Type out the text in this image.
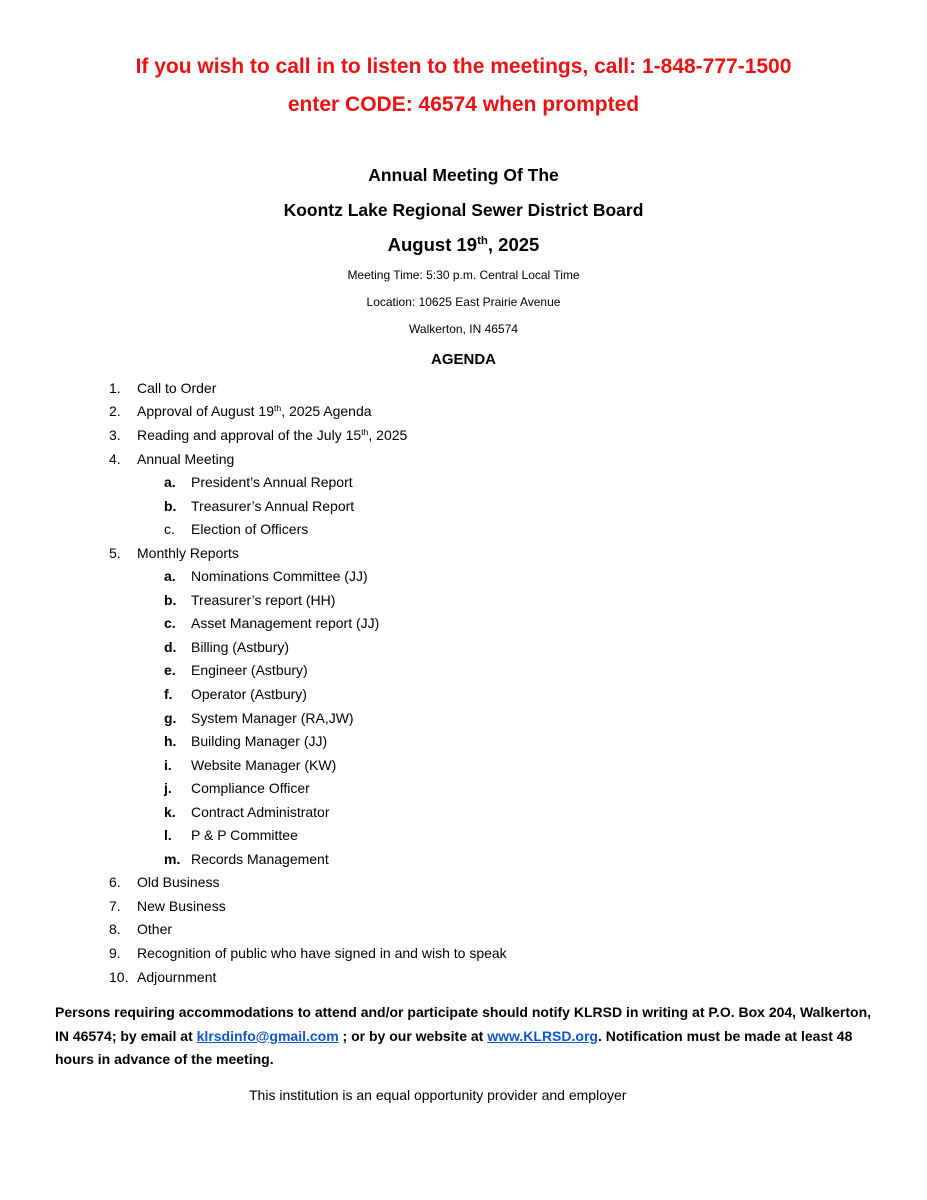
If you wish to call in to listen to the meetings, call: 1-848-777-1500
enter CODE: 46574 when prompted
Annual Meeting Of The
Koontz Lake Regional Sewer District Board
August 19th, 2025
Meeting Time: 5:30 p.m. Central Local Time
Location: 10625 East Prairie Avenue
Walkerton, IN 46574
AGENDA
1.	Call to Order
2.	Approval of August 19th, 2025 Agenda
3.	Reading and approval of the July 15th, 2025
4.	Annual Meeting
a.	President’s Annual Report
b.	Treasurer’s Annual Report
c.	Election of Officers
5.	Monthly Reports
a.	Nominations Committee (JJ)
b.	Treasurer’s report (HH)
c.	Asset Management report (JJ)
d.	Billing (Astbury)
e.	Engineer (Astbury)
f.	Operator (Astbury)
g.	System Manager (RA,JW)
h.	Building Manager (JJ)
i.	Website Manager (KW)
j.	Compliance Officer
k.	Contract Administrator
l.	P & P Committee
m. Records Management
6.	Old Business
7.	New Business
8.	Other
9.	Recognition of public who have signed in and wish to speak
10. Adjournment
Persons requiring accommodations to attend and/or participate should notify KLRSD in writing at P.O. Box 204, Walkerton, IN 46574; by email at klrsdinfo@gmail.com ; or by our website at www.KLRSD.org. Notification must be made at least 48 hours in advance of the meeting.
This institution is an equal opportunity provider and employer
